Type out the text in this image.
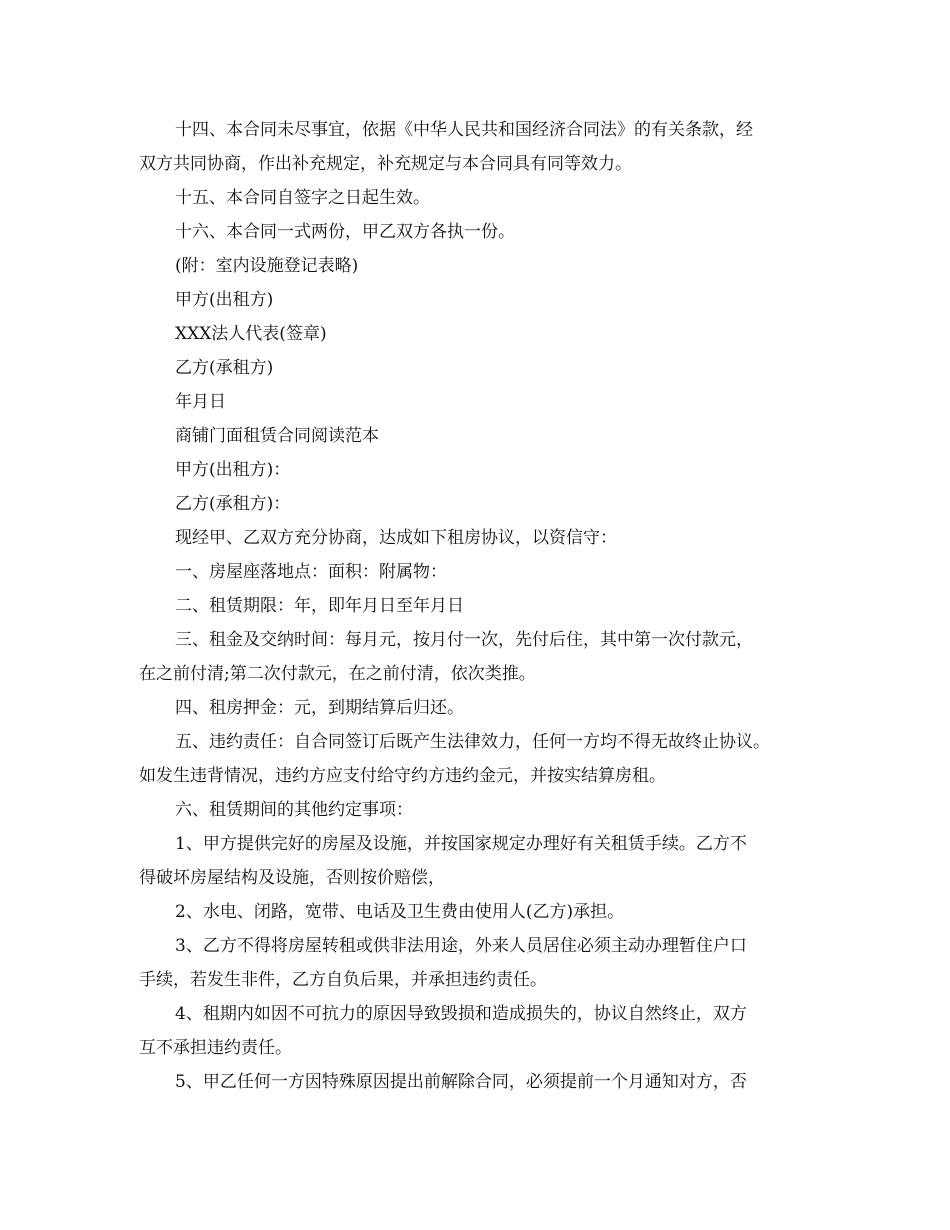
十四、本合同未尽事宜，依据《中华人民共和国经济合同法》的有关条款，经

双方共同协商，作出补充规定，补充规定与本合同具有同等效力。

十五、本合同自签字之日起生效。

十六、本合同一式两份，甲乙双方各执一份。

(附：室内设施登记表略)

甲方(出租方)

XXX法人代表(签章)

乙方(承租方)

年月日

商铺门面租赁合同阅读范本

甲方(出租方)：

乙方(承租方)：

现经甲、乙双方充分协商，达成如下租房协议，以资信守：

一、房屋座落地点：面积：附属物：

二、租赁期限：年，即年月日至年月日

三、租金及交纳时间：每月元，按月付一次，先付后住，其中第一次付款元，

在之前付清;第二次付款元，在之前付清，依次类推。

四、租房押金：元，到期结算后归还。

五、违约责任：自合同签订后既产生法律效力，任何一方均不得无故终止协议。

如发生违背情况，违约方应支付给守约方违约金元，并按实结算房租。

六、租赁期间的其他约定事项：

1、甲方提供完好的房屋及设施，并按国家规定办理好有关租赁手续。乙方不

得破坏房屋结构及设施，否则按价赔偿，

2、水电、闭路，宽带、电话及卫生费由使用人(乙方)承担。

3、乙方不得将房屋转租或供非法用途，外来人员居住必须主动办理暂住户口

手续，若发生非件，乙方自负后果，并承担违约责任。

4、租期内如因不可抗力的原因导致毁损和造成损失的，协议自然终止，双方

互不承担违约责任。

5、甲乙任何一方因特殊原因提出前解除合同，必须提前一个月通知对方，否
